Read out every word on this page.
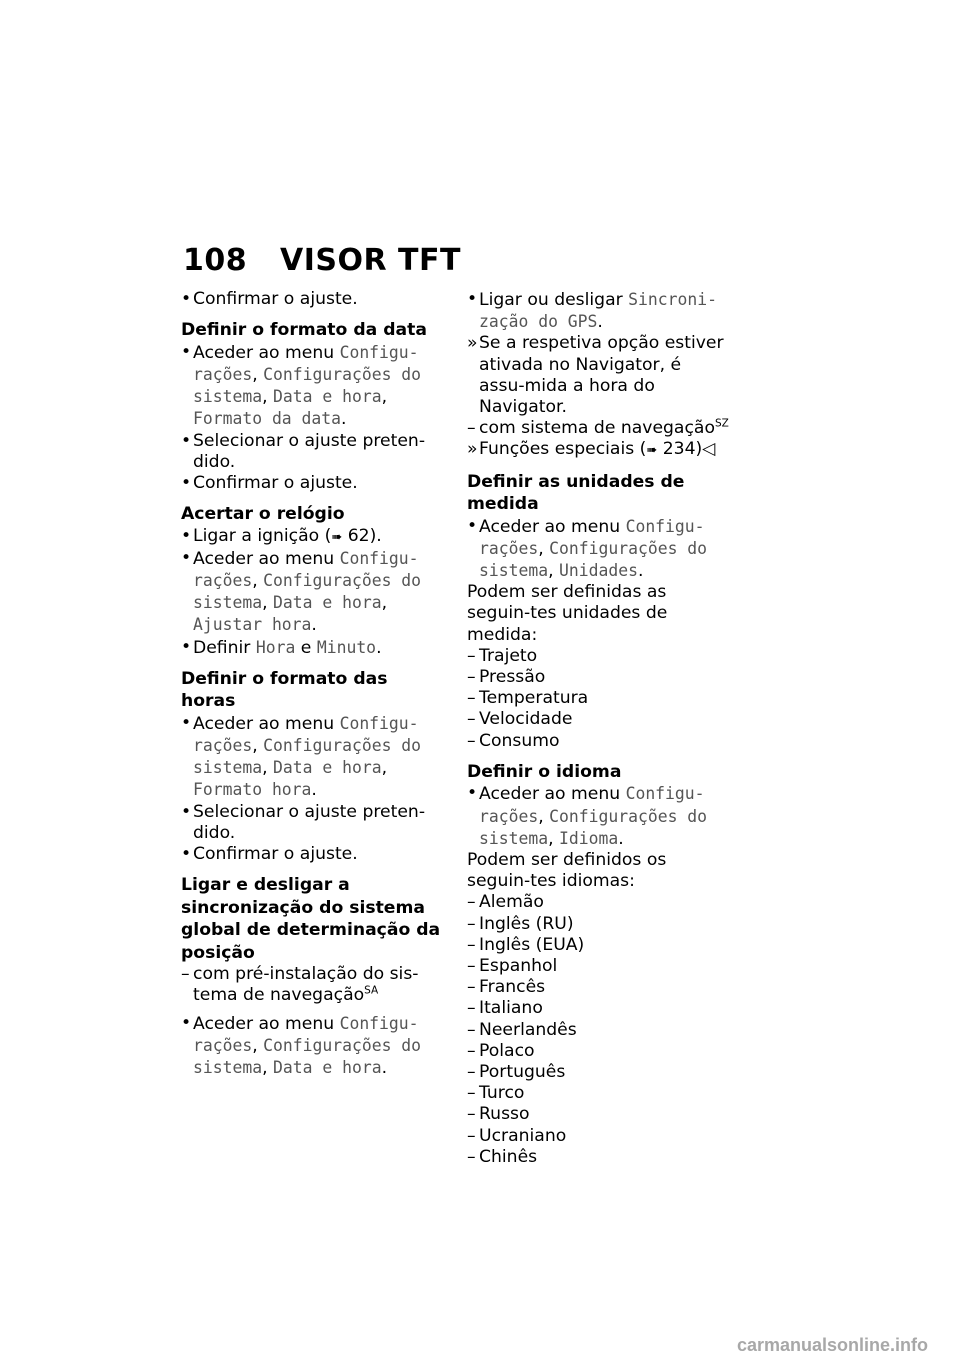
108	VISOR TFT

• Confirmar o ajuste.

Definir o formato da data

• Aceder ao menu Configu-rações, Configurações do sistema, Data e hora, Formato da data.

• Selecionar o ajuste preten-dido.

• Confirmar o ajuste.

Acertar o relógio

• Ligar a ignição (➠ 62).

• Aceder ao menu Configu-rações, Configurações do sistema, Data e hora, Ajustar hora.

• Definir Hora e Minuto.

Definir o formato das horas

• Aceder ao menu Configu-rações, Configurações do sistema, Data e hora, Formato hora.

• Selecionar o ajuste preten-dido.

• Confirmar o ajuste.

Ligar e desligar a sincronização do sistema global de determinação da posição

– com pré-instalação do sis-tema de navegação$^{SA}$

• Aceder ao menu Configu-rações, Configurações do sistema, Data e hora.

• Ligar ou desligar Sincroni-zação do GPS.

» Se a respetiva opção estiver ativada no Navigator, é assu-mida a hora do Navigator.

– com sistema de navegação$^{SZ}$

» Funções especiais (➠ 234)◁

Definir as unidades de medida

• Aceder ao menu Configu-rações, Configurações do sistema, Unidades.

Podem ser definidas as seguin-tes unidades de medida:

– Trajeto

– Pressão

– Temperatura

– Velocidade

– Consumo

Definir o idioma

• Aceder ao menu Configu-rações, Configurações do sistema, Idioma.

Podem ser definidos os seguin-tes idiomas:

– Alemão

– Inglês (RU)

– Inglês (EUA)

– Espanhol

– Francês

– Italiano

– Neerlandês

– Polaco

– Português

– Turco

– Russo

– Ucraniano

– Chinês

carmanualsonline.info
